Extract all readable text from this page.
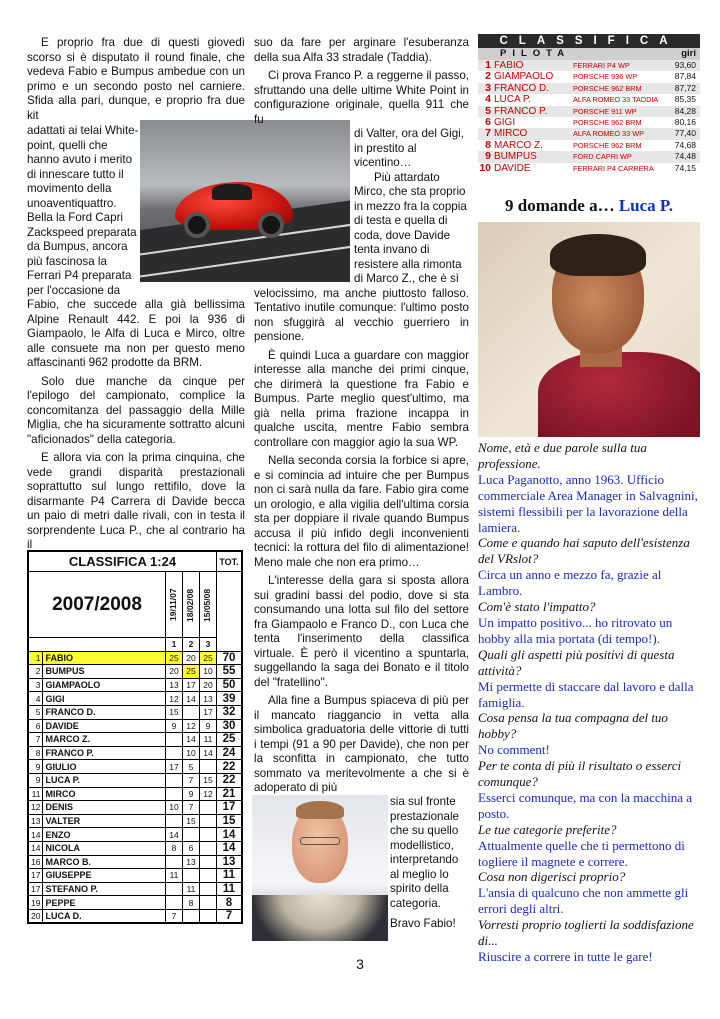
E proprio fra due di questi giovedì scorso si è disputato il round finale, che vedeva Fabio e Bumpus ambedue con un primo e un secondo posto nel carniere. Sfida alla pari, dunque, e proprio fra due kit

adattati ai telai White-
point, quelli che
hanno avuto i merito
di innescare tutto il
movimento della
unoaventiquattro.
Bella la Ford Capri
Zackspeed preparata
da Bumpus, ancora
più fascinosa la
Ferrari P4 preparata
per l'occasione da

Fabio, che succede alla già bellissima Alpine Renault 442. E poi la 936 di Giampaolo, le Alfa di Luca e Mirco, oltre alle consuete ma non per questo meno affascinanti 962 prodotte da BRM.

Solo due manche da cinque per l'epilogo del campionato, complice la concomitanza del passaggio della Mille Miglia, che ha sicuramente sottratto alcuni "aficionados" della categoria.

E allora via con la prima cinquina, che vede grandi disparità prestazionali soprattutto sul lungo rettifilo, dove la disarmante P4 Carrera di Davide becca un paio di metri dalle rivali, con in testa il sorprendente Luca P., che al contrario ha il

suo da fare per arginare l'esuberanza della sua Alfa 33 stradale (Taddia).

Ci prova Franco P. a reggerne il passo, sfruttando una delle ultime White Point in configurazione originale, quella 911 che fu

di Valter, ora del Gigi,
in prestito al
vicentino…
Più attardato
Mirco, che sta proprio
in mezzo fra la coppia
di testa e quella di
coda, dove Davide
tenta invano di
resistere alla rimonta
di Marco Z., che è sì

velocissimo, ma anche piuttosto falloso. Tentativo inutile comunque: l'ultimo posto non sfuggirà al vecchio guerriero in pensione.

È quindi Luca a guardare con maggior interesse alla manche dei primi cinque, che dirimerà la questione fra Fabio e Bumpus. Parte meglio quest'ultimo, ma già nella prima frazione incappa in qualche uscita, mentre Fabio sembra controllare con maggior agio la sua WP.

Nella seconda corsia la forbice si apre, e si comincia ad intuire che per Bumpus non ci sarà nulla da fare. Fabio gira come un orologio, e alla vigilia dell'ultima corsia sta per doppiare il rivale quando Bumpus accusa il più infido degli inconvenienti tecnici: la rottura del filo di alimentazione! Meno male che non era primo…

L'interesse della gara si sposta allora sui gradini bassi del podio, dove si sta consumando una lotta sul filo del settore fra Giampaolo e Franco D., con Luca che tenta l'inserimento della classifica virtuale. È però il vicentino a spuntarla, suggellando la saga dei Bonato e il titolo del "fratellino".

Alla fine a Bumpus spiaceva di più per il mancato riaggancio in vetta alla simbolica graduatoria delle vittorie di tutti i tempi (91 a 90 per Davide), che non per la sconfitta in campionato, che tutto sommato va meritevolmente a che si è adoperato di più

sia sul fronte prestazionale che su quello modellistico, interpretando al meglio lo spirito della categoria.
Bravo Fabio!
CLASSIFICA 1:24					TOT.
2007/2008		19/11/07	18/02/08	15/05/08	

		1	2	3	
1	FABIO	25	20	25	70
2	BUMPUS	20	25	10	55
3	GIAMPAOLO	13	17	20	50
4	GIGI	12	14	13	39
5	FRANCO D.	15		17	32
6	DAVIDE	9	12	9	30
7	MARCO Z.		14	11	25
8	FRANCO P.		10	14	24
9	GIULIO	17	5		22
9	LUCA P.		7	15	22
11	MIRCO		9	12	21
12	DENIS	10	7		17
13	VALTER		15		15
14	ENZO	14			14
14	NICOLA	8	6		14
16	MARCO B.		13		13
17	GIUSEPPE	11			11
17	STEFANO P.		11		11
19	PEPPE		8		8
20	LUCA D.	7			7
CLASSIFICA
PILOTA	giri
1 FABIO	FERRARI P4 WP	93,60
2 GIAMPAOLO	PORSCHE 936 WP	87,84
3 FRANCO D.	PORSCHE 962 BRM	87,72
4 LUCA P.	ALFA ROMEO 33 TADDIA	85,35
5 FRANCO P.	PORSCHE 911 WP	84,28
6 GIGI	PORSCHE 962 BRM	80,16
7 MIRCO	ALFA ROMEO 33 WP	77,40
8 MARCO Z.	PORSCHE 962 BRM	74,68
9 BUMPUS	FORD CAPRI WP	74,48
10 DAVIDE	FERRARI P4 CARRERA	74,15
9 domande a… Luca P.
Nome, età e due parole sulla tua professione.
Luca Paganotto, anno 1963. Ufficio commerciale Area Manager in Salvagnini, sistemi flessibili per la lavorazione della lamiera.
Come e quando hai saputo dell'esistenza del VRslot?
Circa un anno e mezzo fa, grazie al Lambro.
Com'è stato l'impatto?
Un impatto positivo... ho ritrovato un hobby alla mia portata (di tempo!).
Quali gli aspetti più positivi di questa attività?
Mi permette di staccare dal lavoro e dalla famiglia.
Cosa pensa la tua compagna del tuo hobby?
No comment!
Per te conta di più il risultato o esserci comunque?
Esserci comunque, ma con la macchina a posto.
Le tue categorie preferite?
Attualmente quelle che ti permettono di togliere il magnete e correre.
Cosa non digerisci proprio?
L'ansia di qualcuno che non ammette gli errori degli altri.
Vorresti proprio toglierti la soddisfazione di...
Riuscire a correre in tutte le gare!
3
